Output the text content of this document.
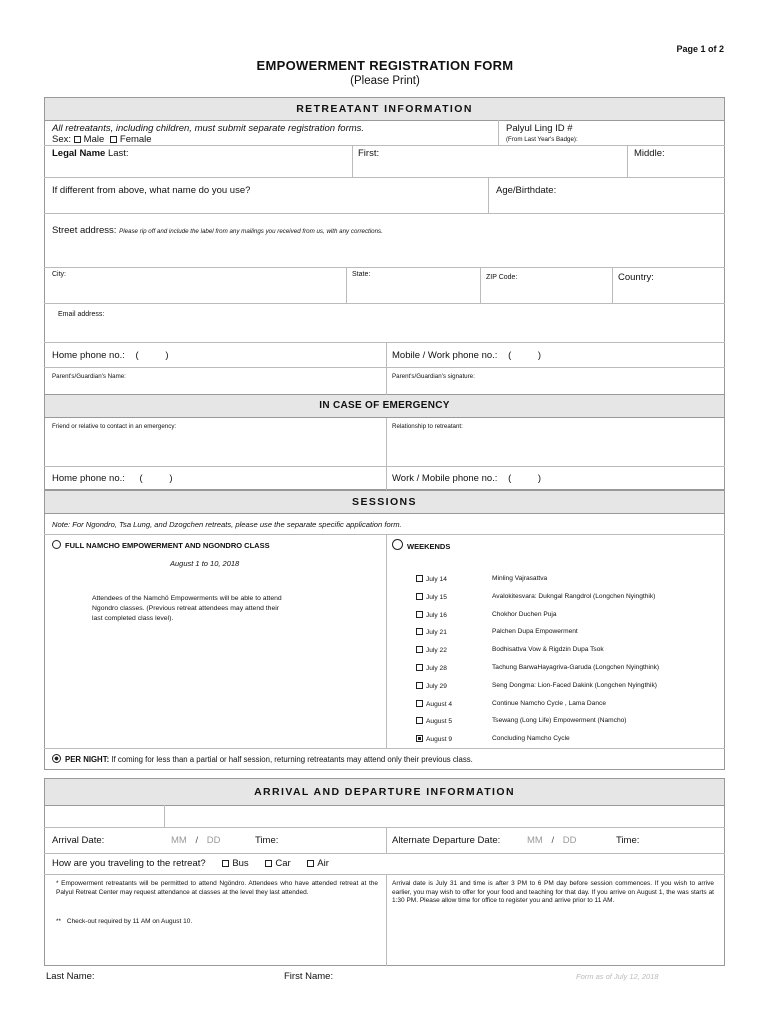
Page 1 of 2
EMPOWERMENT REGISTRATION FORM
(Please Print)
RETREATANT INFORMATION
All retreatants, including children, must submit separate registration forms.
Sex: Male Female
Palyul Ling ID #
(From Last Year's Badge):
Legal Name Last:	First:	Middle:
If different from above, what name do you use?	Age/Birthdate:
Street address: Please rip off and include the label from any mailings you received from us, with any corrections.
City:	State:	ZIP Code:	Country:
Email address:
Home phone no.: (	)	Mobile / Work phone no.: (	)
Parent's/Guardian's Name:	Parent's/Guardian's signature:
IN CASE OF EMERGENCY
Friend or relative to contact in an emergency:	Relationship to retreatant:
Home phone no.: (	)	Work / Mobile phone no.: (	)
SESSIONS
Note: For Ngondro, Tsa Lung, and Dzogchen retreats, please use the separate specific application form.
FULL NAMCHO EMPOWERMENT AND NGONDRO CLASS
August 1 to 10, 2018
Attendees of the Namchö Empowerments will be able to attend
Ngondro classes. (Previous retreat attendees may attend their
last completed class level).
WEEKENDS
July 14	Minling Vajrasattva
July 15	Avalokitesvara: Dukngal Rangdrol (Longchen Nyingthik)
July 16	Chokhor Duchen Puja
July 21	Palchen Dupa Empowerment
July 22	Bodhisattva Vow & Rigdzin Dupa Tsok
July 28	Tachung BarwaHayagriva-Garuda (Longchen Nyingthink)
July 29	Seng Dongma: Lion-Faced Dakink (Longchen Nyingthik)
August 4	Continue Namcho Cycle , Lama Dance
August 5	Tsewang (Long Life) Empowerment (Namcho)
August 9	Concluding Namcho Cycle
PER NIGHT: If coming for less than a partial or half session, returning retreatants may attend only their previous class.
ARRIVAL AND DEPARTURE INFORMATION
Arrival Date:	MM / DD	Time:	Alternate Departure Date:	MM / DD	Time:
How are you traveling to the retreat?	Bus	Car	Air
* Empowerment retreatants will be permitted to attend Ngöndro. Attendees who have attended retreat at the Palyul Retreat Center may request attendance at classes at the level they last attended.
** Check-out required by 11 AM on August 10.
Arrival date is July 31 and time is after 3 PM to 6 PM day before session commences. If you wish to arrive earlier, you may wish to offer for your food and teaching for that day. If you arrive on August 1, the was starts at 1:30 PM. Please allow time for office to register you and arrive prior to 11 AM.
Last Name:	First Name:	Form as of July 12, 2018
